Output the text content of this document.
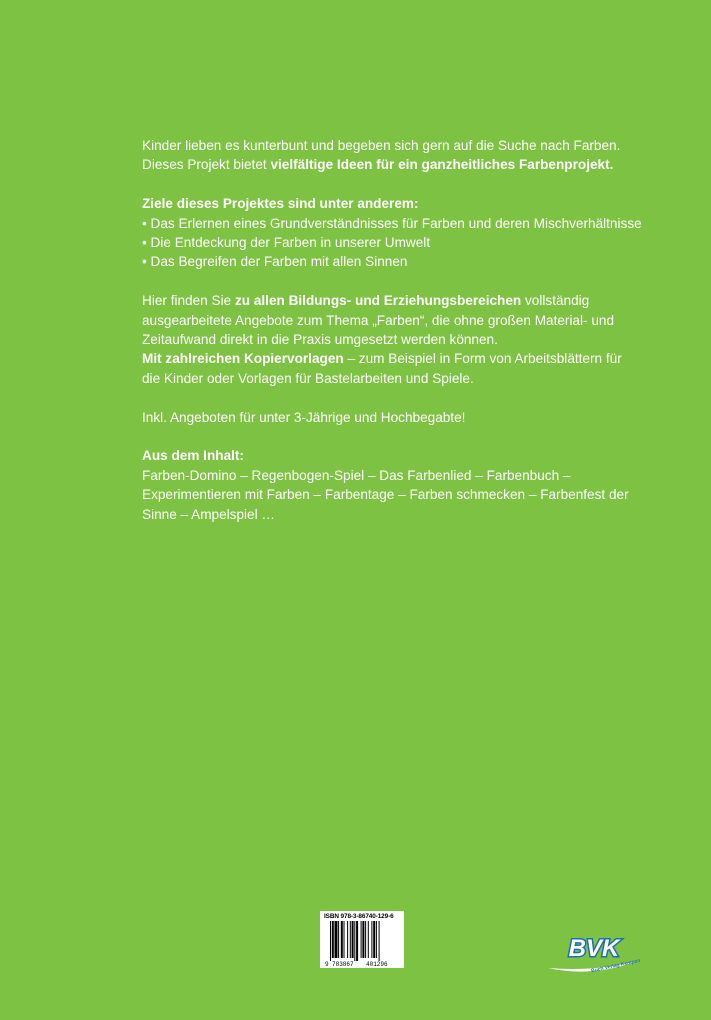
Kinder lieben es kunterbunt und begeben sich gern auf die Suche nach Farben. Dieses Projekt bietet vielfältige Ideen für ein ganzheitliches Farbenprojekt.

Ziele dieses Projektes sind unter anderem:

• Das Erlernen eines Grundverständnisses für Farben und deren Mischverhältnisse

• Die Entdeckung der Farben in unserer Umwelt

• Das Begreifen der Farben mit allen Sinnen

Hier finden Sie zu allen Bildungs- und Erziehungsbereichen vollständig ausgearbeitete Angebote zum Thema „Farben“, die ohne großen Material- und Zeitaufwand direkt in die Praxis umgesetzt werden können.
Mit zahlreichen Kopiervorlagen – zum Beispiel in Form von Arbeitsblättern für die Kinder oder Vorlagen für Bastelarbeiten und Spiele.

Inkl. Angeboten für unter 3-Jährige und Hochbegabte!

Aus dem Inhalt:

Farben-Domino – Regenbogen-Spiel – Das Farbenlied – Farbenbuch – Experimentieren mit Farben – Farbentage – Farben schmecken – Farbenfest der Sinne – Ampelspiel …

ISBN 978-3-86740-129-6
9 783867 401296
BVK
Buch Verlag Kempen
